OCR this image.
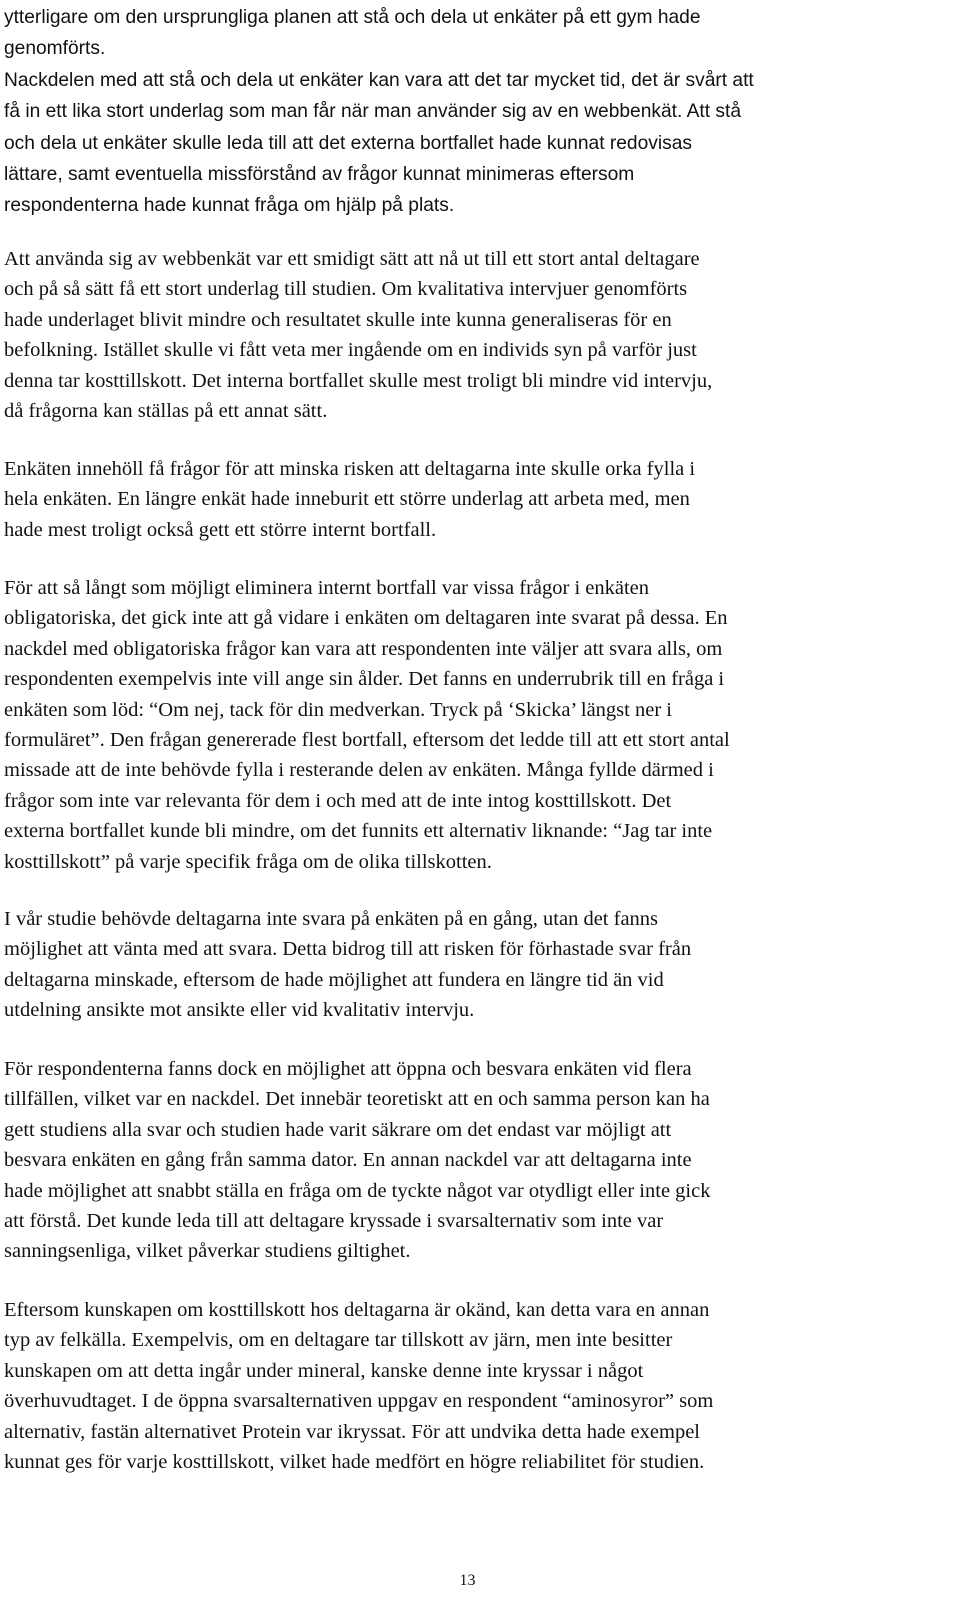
ytterligare om den ursprungliga planen att stå och dela ut enkäter på ett gym hade
genomförts.
Nackdelen med att stå och dela ut enkäter kan vara att det tar mycket tid, det är svårt att
få in ett lika stort underlag som man får när man använder sig av en webbenkät. Att stå
och dela ut enkäter skulle leda till att det externa bortfallet hade kunnat redovisas
lättare, samt eventuella missförstånd av frågor kunnat minimeras eftersom
respondenterna hade kunnat fråga om hjälp på plats.
Att använda sig av webbenkät var ett smidigt sätt att nå ut till ett stort antal deltagare
och på så sätt få ett stort underlag till studien. Om kvalitativa intervjuer genomförts
hade underlaget blivit mindre och resultatet skulle inte kunna generaliseras för en
befolkning. Istället skulle vi fått veta mer ingående om en individs syn på varför just
denna tar kosttillskott. Det interna bortfallet skulle mest troligt bli mindre vid intervju,
då frågorna kan ställas på ett annat sätt.
Enkäten innehöll få frågor för att minska risken att deltagarna inte skulle orka fylla i
hela enkäten. En längre enkät hade inneburit ett större underlag att arbeta med, men
hade mest troligt också gett ett större internt bortfall.
För att så långt som möjligt eliminera internt bortfall var vissa frågor i enkäten
obligatoriska, det gick inte att gå vidare i enkäten om deltagaren inte svarat på dessa. En
nackdel med obligatoriska frågor kan vara att respondenten inte väljer att svara alls, om
respondenten exempelvis inte vill ange sin ålder. Det fanns en underrubrik till en fråga i
enkäten som löd: “Om nej, tack för din medverkan. Tryck på ‘Skicka’ längst ner i
formuläret”. Den frågan genererade flest bortfall, eftersom det ledde till att ett stort antal
missade att de inte behövde fylla i resterande delen av enkäten. Många fyllde därmed i
frågor som inte var relevanta för dem i och med att de inte intog kosttillskott. Det
externa bortfallet kunde bli mindre, om det funnits ett alternativ liknande: “Jag tar inte
kosttillskott” på varje specifik fråga om de olika tillskotten.
I vår studie behövde deltagarna inte svara på enkäten på en gång, utan det fanns
möjlighet att vänta med att svara. Detta bidrog till att risken för förhastade svar från
deltagarna minskade, eftersom de hade möjlighet att fundera en längre tid än vid
utdelning ansikte mot ansikte eller vid kvalitativ intervju.
För respondenterna fanns dock en möjlighet att öppna och besvara enkäten vid flera
tillfällen, vilket var en nackdel. Det innebär teoretiskt att en och samma person kan ha
gett studiens alla svar och studien hade varit säkrare om det endast var möjligt att
besvara enkäten en gång från samma dator. En annan nackdel var att deltagarna inte
hade möjlighet att snabbt ställa en fråga om de tyckte något var otydligt eller inte gick
att förstå. Det kunde leda till att deltagare kryssade i svarsalternativ som inte var
sanningsenliga, vilket påverkar studiens giltighet.
Eftersom kunskapen om kosttillskott hos deltagarna är okänd, kan detta vara en annan
typ av felkälla. Exempelvis, om en deltagare tar tillskott av järn, men inte besitter
kunskapen om att detta ingår under mineral, kanske denne inte kryssar i något
överhuvudtaget. I de öppna svarsalternativen uppgav en respondent “aminosyror” som
alternativ, fastän alternativet Protein var ikryssat. För att undvika detta hade exempel
kunnat ges för varje kosttillskott, vilket hade medfört en högre reliabilitet för studien.
13
